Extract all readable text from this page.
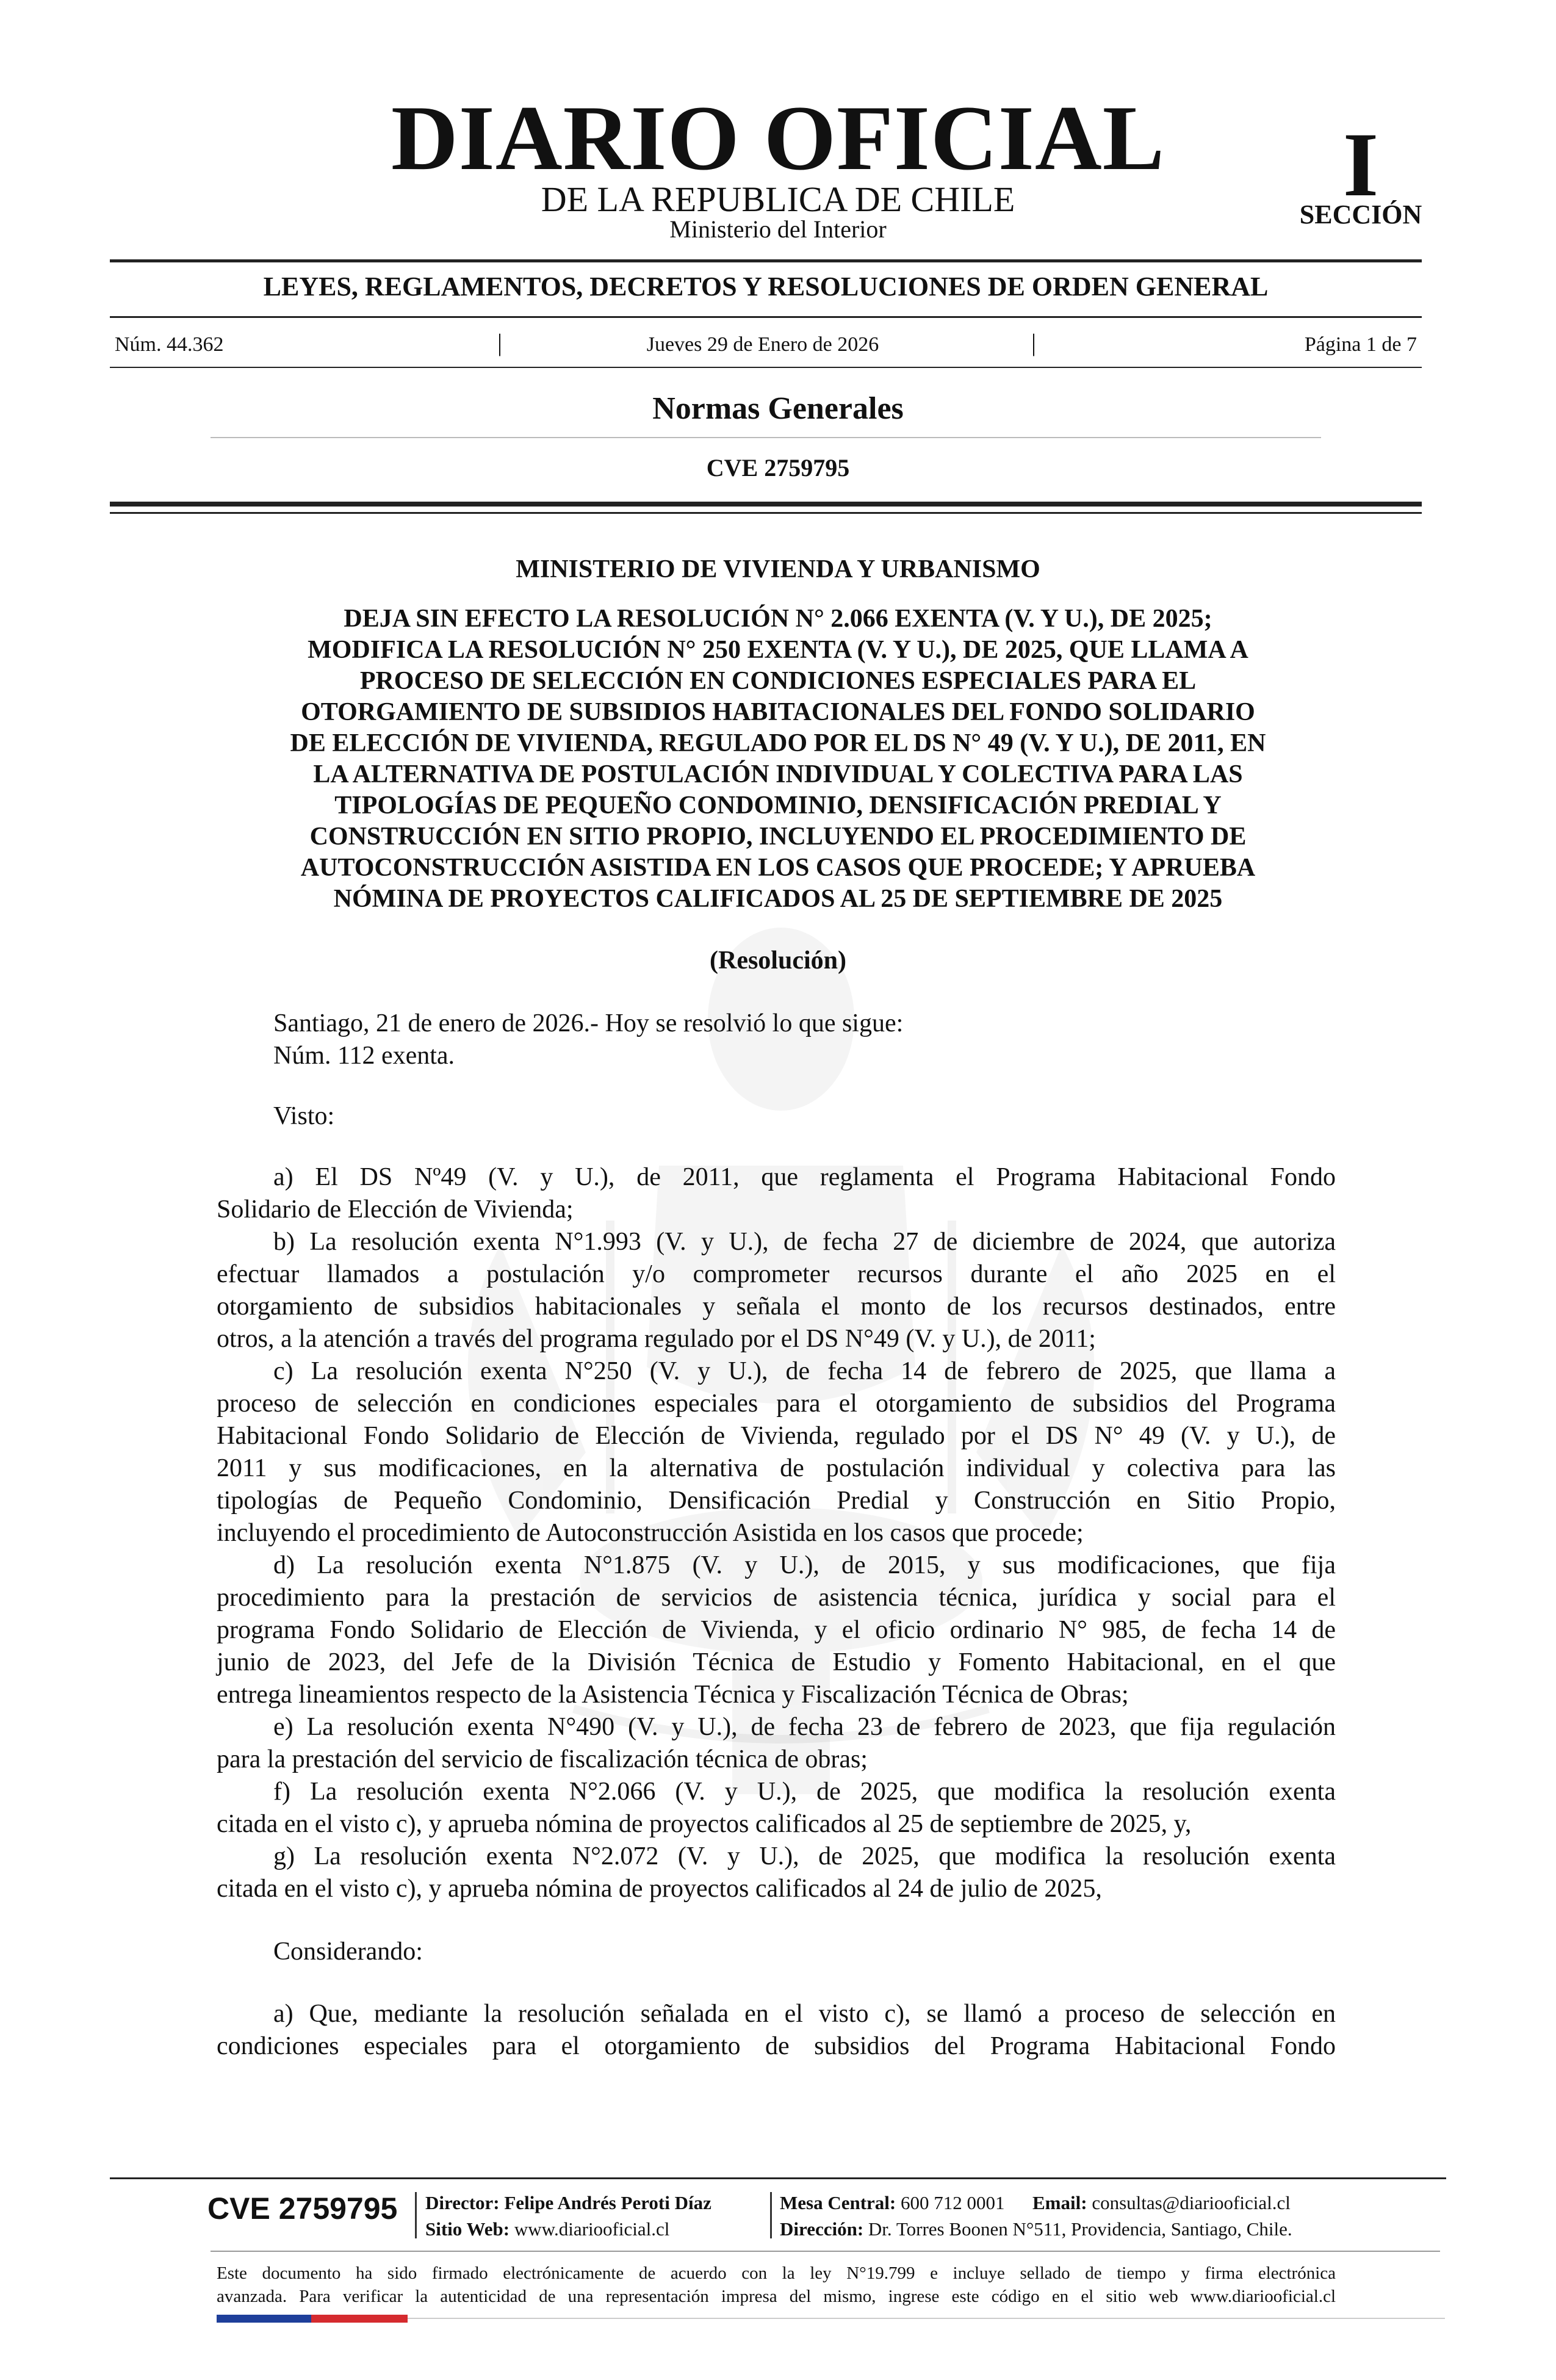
DIARIO OFICIAL
DE LA REPUBLICA DE CHILE
Ministerio del Interior
I
SECCIÓN
LEYES, REGLAMENTOS, DECRETOS Y RESOLUCIONES DE ORDEN GENERAL
Núm. 44.362	|	Jueves 29 de Enero de 2026	|	Página 1 de 7
Normas Generales
CVE 2759795
MINISTERIO DE VIVIENDA Y URBANISMO
DEJA SIN EFECTO LA RESOLUCIÓN N° 2.066 EXENTA (V. Y U.), DE 2025;
MODIFICA LA RESOLUCIÓN N° 250 EXENTA (V. Y U.), DE 2025, QUE LLAMA A
PROCESO DE SELECCIÓN EN CONDICIONES ESPECIALES PARA EL
OTORGAMIENTO DE SUBSIDIOS HABITACIONALES DEL FONDO SOLIDARIO
DE ELECCIÓN DE VIVIENDA, REGULADO POR EL DS N° 49 (V. Y U.), DE 2011, EN
LA ALTERNATIVA DE POSTULACIÓN INDIVIDUAL Y COLECTIVA PARA LAS
TIPOLOGÍAS DE PEQUEÑO CONDOMINIO, DENSIFICACIÓN PREDIAL Y
CONSTRUCCIÓN EN SITIO PROPIO, INCLUYENDO EL PROCEDIMIENTO DE
AUTOCONSTRUCCIÓN ASISTIDA EN LOS CASOS QUE PROCEDE; Y APRUEBA
NÓMINA DE PROYECTOS CALIFICADOS AL 25 DE SEPTIEMBRE DE 2025
(Resolución)
Santiago, 21 de enero de 2026.- Hoy se resolvió lo que sigue:
Núm. 112 exenta.
Visto:
a) El DS Nº49 (V. y U.), de 2011, que reglamenta el Programa Habitacional Fondo
Solidario de Elección de Vivienda;
b) La resolución exenta N°1.993 (V. y U.), de fecha 27 de diciembre de 2024, que autoriza
efectuar llamados a postulación y/o comprometer recursos durante el año 2025 en el
otorgamiento de subsidios habitacionales y señala el monto de los recursos destinados, entre
otros, a la atención a través del programa regulado por el DS N°49 (V. y U.), de 2011;
c) La resolución exenta N°250 (V. y U.), de fecha 14 de febrero de 2025, que llama a
proceso de selección en condiciones especiales para el otorgamiento de subsidios del Programa
Habitacional Fondo Solidario de Elección de Vivienda, regulado por el DS N° 49 (V. y U.), de
2011 y sus modificaciones, en la alternativa de postulación individual y colectiva para las
tipologías de Pequeño Condominio, Densificación Predial y Construcción en Sitio Propio,
incluyendo el procedimiento de Autoconstrucción Asistida en los casos que procede;
d) La resolución exenta N°1.875 (V. y U.), de 2015, y sus modificaciones, que fija
procedimiento para la prestación de servicios de asistencia técnica, jurídica y social para el
programa Fondo Solidario de Elección de Vivienda, y el oficio ordinario N° 985, de fecha 14 de
junio de 2023, del Jefe de la División Técnica de Estudio y Fomento Habitacional, en el que
entrega lineamientos respecto de la Asistencia Técnica y Fiscalización Técnica de Obras;
e) La resolución exenta N°490 (V. y U.), de fecha 23 de febrero de 2023, que fija regulación
para la prestación del servicio de fiscalización técnica de obras;
f) La resolución exenta N°2.066 (V. y U.), de 2025, que modifica la resolución exenta
citada en el visto c), y aprueba nómina de proyectos calificados al 25 de septiembre de 2025, y,
g) La resolución exenta N°2.072 (V. y U.), de 2025, que modifica la resolución exenta
citada en el visto c), y aprueba nómina de proyectos calificados al 24 de julio de 2025,
Considerando:
a) Que, mediante la resolución señalada en el visto c), se llamó a proceso de selección en
condiciones especiales para el otorgamiento de subsidios del Programa Habitacional Fondo
CVE 2759795 Director: Felipe Andrés Peroti Díaz
Sitio Web: www.diariooficial.cl
Mesa Central: 600 712 0001 Email: consultas@diariooficial.cl
Dirección: Dr. Torres Boonen N°511, Providencia, Santiago, Chile.
Este documento ha sido firmado electrónicamente de acuerdo con la ley N°19.799 e incluye sellado de tiempo y firma electrónica
avanzada. Para verificar la autenticidad de una representación impresa del mismo, ingrese este código en el sitio web www.diariooficial.cl
